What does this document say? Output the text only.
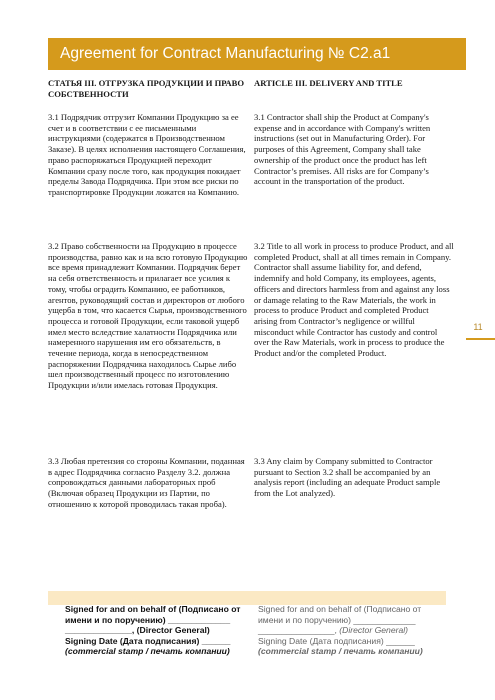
Agreement for Contract Manufacturing № C2.a1
СТАТЬЯ III. ОТГРУЗКА ПРОДУКЦИИ И ПРАВО СОБСТВЕННОСТИ
3.1 Подрядчик отгрузит Компании Продукцию за ее счет и в соответствии с ее письменными инструкциями (содержатся в Производственном Заказе). В целях исполнения настоящего Соглашения, право распоряжаться Продукцией переходит Компании сразу после того, как продукция покидает пределы Завода Подрядчика. При этом все риски по транспортировке Продукции ложатся на Компанию.
3.2 Право собственности на Продукцию в процессе производства, равно как и на всю готовую Продукцию все время принадлежит Компании. Подрядчик берет на себя ответственность и прилагает все усилия к тому, чтобы оградить Компанию, ее работников, агентов, руководящий состав и директоров от любого ущерба в том, что касается Сырья, производственного процесса и готовой Продукции, если таковой ущерб имел место вследствие халатности Подрядчика или намеренного нарушения им его обязательств, в течение периода, когда в непосредственном распоряжении Подрядчика находилось Сырье либо шел производственный процесс по изготовлению Продукции и/или имелась готовая Продукция.
3.3 Любая претензия со стороны Компании, поданная в адрес Подрядчика согласно Разделу 3.2. должна сопровождаться данными лабораторных проб (Включая образец Продукции из Партии, по отношению к которой проводилась такая проба).
ARTICLE III. DELIVERY AND TITLE
3.1 Contractor shall ship the Product at Company's expense and in accordance with Company's written instructions (set out in Manufacturing Order). For purposes of this Agreement, Company shall take ownership of the product once the product has left Contractor’s premises. All risks are for Company’s account in the transportation of the product.
3.2 Title to all work in process to produce Product, and all completed Product, shall at all times remain in Company. Contractor shall assume liability for, and defend, indemnify and hold Company, its employees, agents, officers and directors harmless from and against any loss or damage relating to the Raw Materials, the work in process to produce Product and completed Product arising from Contractor’s negligence or willful misconduct while Contractor has custody and control over the Raw Materials, work in process to produce the Product and/or the completed Product.
3.3 Any claim by Company submitted to Contractor pursuant to Section 3.2 shall be accompanied by an analysis report (including an adequate Product sample from the Lot analyzed).
11
Signed for and on behalf of (Подписано от
имени и по поручению) _____________
______________, (Director General)
Signing Date (Дата подписания) ______
(commercial stamp / печать компании)
Signed for and on behalf of (Подписано от
имени и по поручению) _____________
________________, (Director General)
Signing Date (Дата подписания) ______
(commercial stamp / печать компании)
